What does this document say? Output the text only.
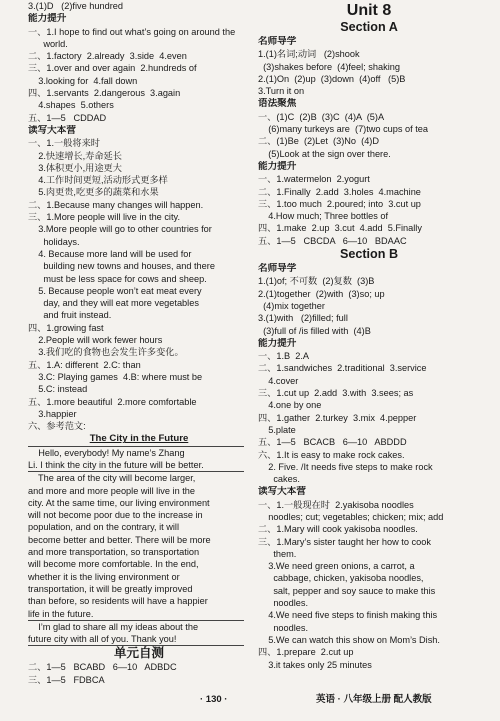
3.(1)D   (2)five hundred
能力提升
一、1.I hope to find out what’s going on around the
world.
二、1.factory  2.already  3.side  4.even
三、1.over and over again  2.hundreds of
3.looking for  4.fall down
四、1.servants  2.dangerous  3.again
4.shapes  5.others
五、1—5   CDDAD
读写大本营
一、1.一般将来时
2.快速增长,寿命延长
3.体积更小,用途更大
4.工作时间更短,活动形式更多样
5.肉更贵,吃更多的蔬菜和水果
二、1.Because many changes will happen.
三、1.More people will live in the city.
3.More people will go to other countries for
holidays.
4. Because more land will be used for
building new towns and houses, and there
must be less space for cows and sheep.
5. Because people won’t eat meat every
day, and they will eat more vegetables
and fruit instead.
四、1.growing fast
2.People will work fewer hours
3.我们吃的食物也会发生许多变化。
五、1.A: different  2.C: than
3.C: Playing games  4.B: where must be
5.C: instead
五、1.more beautiful  2.more comfortable
3.happier
六、参考范文:
The City in the Future
Hello, everybody! My name’s Zhang
Li. I think the city in the future will be better.
The area of the city will become larger,
and more and more people will live in the
city. At the same time, our living environment
will not become poor due to the increase in
population, and on the contrary, it will
become better and better. There will be more
and more transportation, so transportation
will become more comfortable. In the end,
whether it is the living environment or
transportation, it will be greatly improved
than before, so residents will have a happier
life in the future.
I’m glad to share all my ideas about the
future city with all of you. Thank you!
单元自测
二、1—5   BCABD   6—10   ADBDC
三、1—5   FDBCA
Unit 8
Section A
名师导学
1.(1)名词;动词   (2)shook
(3)shakes before  (4)feel; shaking
2.(1)On  (2)up  (3)down  (4)off   (5)B
3.Turn it on
语法聚焦
一、(1)C  (2)B  (3)C  (4)A  (5)A
(6)many turkeys are  (7)two cups of tea
二、(1)Be  (2)Let  (3)No  (4)D
(5)Look at the sign over there.
能力提升
一、1.watermelon  2.yogurt
二、1.Finally  2.add  3.holes  4.machine
三、1.too much  2.poured; into  3.cut up
4.How much; Three bottles of
四、1.make  2.up  3.cut  4.add  5.Finally
五、1—5   CBCDA   6—10   BDAAC
Section B
名师导学
1.(1)of; 不可数  (2)复数  (3)B
2.(1)together  (2)with  (3)so; up
(4)mix together
3.(1)with   (2)filled; full
(3)full of /is filled with  (4)B
能力提升
一、1.B  2.A
二、1.sandwiches  2.traditional  3.service
4.cover
三、1.cut up  2.add  3.with  3.sees; as
4.one by one
四、1.gather  2.turkey  3.mix  4.pepper
5.plate
五、1—5   BCACB   6—10   ABDDD
六、1.It is easy to make rock cakes.
2. Five. /It needs five steps to make rock
cakes.
读写大本营
一、1.一般现在时  2.yakisoba noodles
noodles; cut; vegetables; chicken; mix; add
二、1.Mary will cook yakisoba noodles.
三、1.Mary’s sister taught her how to cook
them.
3.We need green onions, a carrot, a
cabbage, chicken, yakisoba noodles,
salt, pepper and soy sauce to make this
noodles.
4.We need five steps to finish making this
noodles.
5.We can watch this show on Mom’s Dish.
四、1.prepare  2.cut up
3.it takes only 25 minutes
· 130 ·	英语 · 八年级上册 配人教版
